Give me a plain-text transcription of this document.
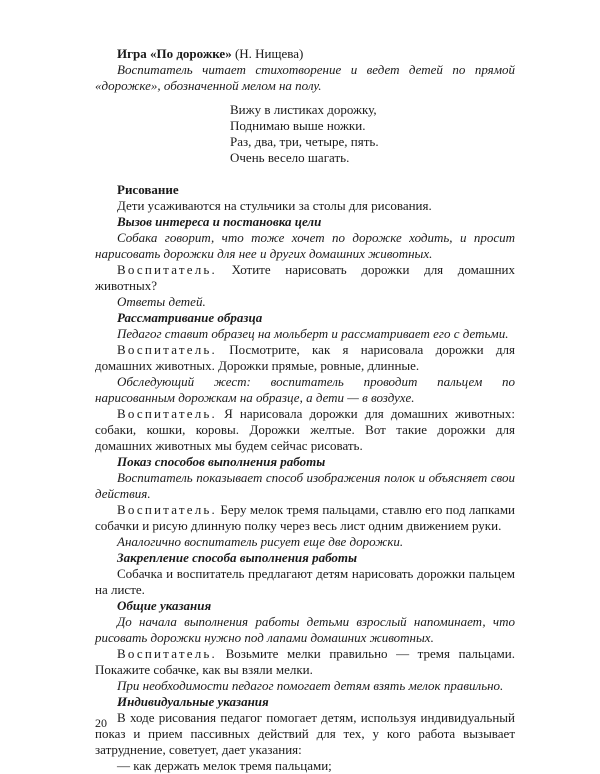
Игра «По дорожке» (Н. Нищева)

Воспитатель читает стихотворение и ведет детей по прямой «дорожке», обозначенной мелом на полу.

Рисование

Дети усаживаются на стульчики за столы для рисования.

Вызов интереса и постановка цели

Собака говорит, что тоже хочет по дорожке ходить, и просит нарисовать дорожки для нее и других домашних животных.

Воспитатель. Хотите нарисовать дорожки для домашних животных?

Ответы детей.

Рассматривание образца

Педагог ставит образец на мольберт и рассматривает его с детьми.

Воспитатель. Посмотрите, как я нарисовала дорожки для домашних животных. Дорожки прямые, ровные, длинные.

Обследующий жест: воспитатель проводит пальцем по нарисованным дорожкам на образце, а дети — в воздухе.

Воспитатель. Я нарисовала дорожки для домашних животных: собаки, кошки, коровы. Дорожки желтые. Вот такие дорожки для домашних животных мы будем сейчас рисовать.

Показ способов выполнения работы

Воспитатель показывает способ изображения полок и объясняет свои действия.

Воспитатель. Беру мелок тремя пальцами, ставлю его под лапками собачки и рисую длинную полку через весь лист одним движением руки.

Аналогично воспитатель рисует еще две дорожки.

Закрепление способа выполнения работы

Собачка и воспитатель предлагают детям нарисовать дорожки пальцем на листе.

Общие указания

До начала выполнения работы детьми взрослый напоминает, что рисовать дорожки нужно под лапами домашних животных.

Воспитатель. Возьмите мелки правильно — тремя пальцами. Покажите собачке, как вы взяли мелки.

При необходимости педагог помогает детям взять мелок правильно.

Индивидуальные указания

В ходе рисования педагог помогает детям, используя индивидуальный показ и прием пассивных действий для тех, у кого работа вызывает затруднение, советует, дает указания:

— как держать мелок тремя пальцами;

Вижу в листиках дорожку,
Поднимаю выше ножки.
Раз, два, три, четыре, пять.
Очень весело шагать.
20
